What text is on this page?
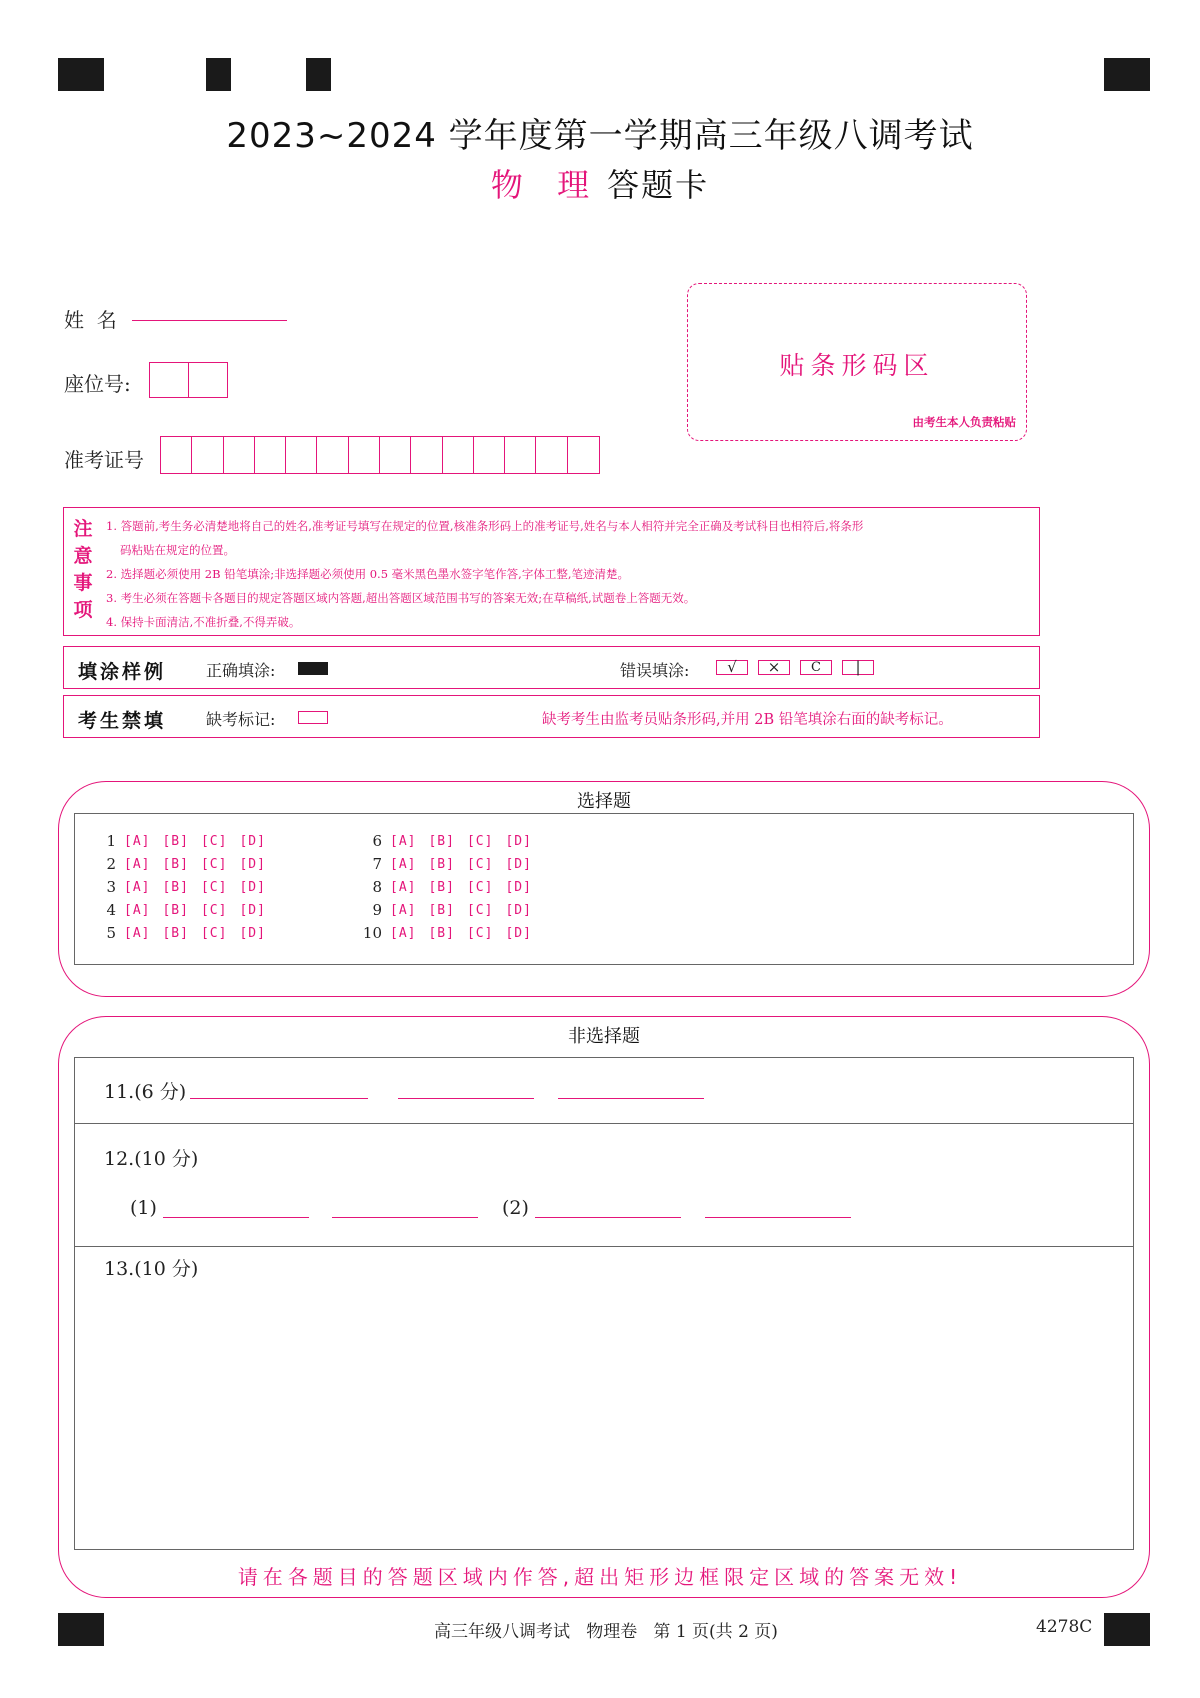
2023~2024 学年度第一学期高三年级八调考试
物 理 答题卡
姓  名
座位号:
准考证号
贴条形码区
由考生本人负责粘贴
注
意
事
项
1. 答题前,考生务必清楚地将自己的姓名,准考证号填写在规定的位置,核准条形码上的准考证号,姓名与本人相符并完全正确及考试科目也相符后,将条形
码粘贴在规定的位置。
2. 选择题必须使用 2B 铅笔填涂;非选择题必须使用 0.5 毫米黑色墨水签字笔作答,字体工整,笔迹清楚。
3. 考生必须在答题卡各题目的规定答题区域内答题,超出答题区域范围书写的答案无效;在草稿纸,试题卷上答题无效。
4. 保持卡面清洁,不准折叠,不得弄破。
填涂样例 正确填涂:	错误填涂:	√	×	C	|
考生禁填 缺考标记:	缺考考生由监考员贴条形码,并用 2B 铅笔填涂右面的缺考标记。
选择题
1 [A] [B] [C] [D]
2 [A] [B] [C] [D]
3 [A] [B] [C] [D]
4 [A] [B] [C] [D]
5 [A] [B] [C] [D]
6 [A] [B] [C] [D]
7 [A] [B] [C] [D]
8 [A] [B] [C] [D]
9 [A] [B] [C] [D]
10 [A] [B] [C] [D]
非选择题
11.(6 分)
12.(10 分)
(1)	(2)
13.(10 分)
请在各题目的答题区域内作答,超出矩形边框限定区域的答案无效!
高三年级八调考试   物理卷   第 1 页(共 2 页)	4278C
